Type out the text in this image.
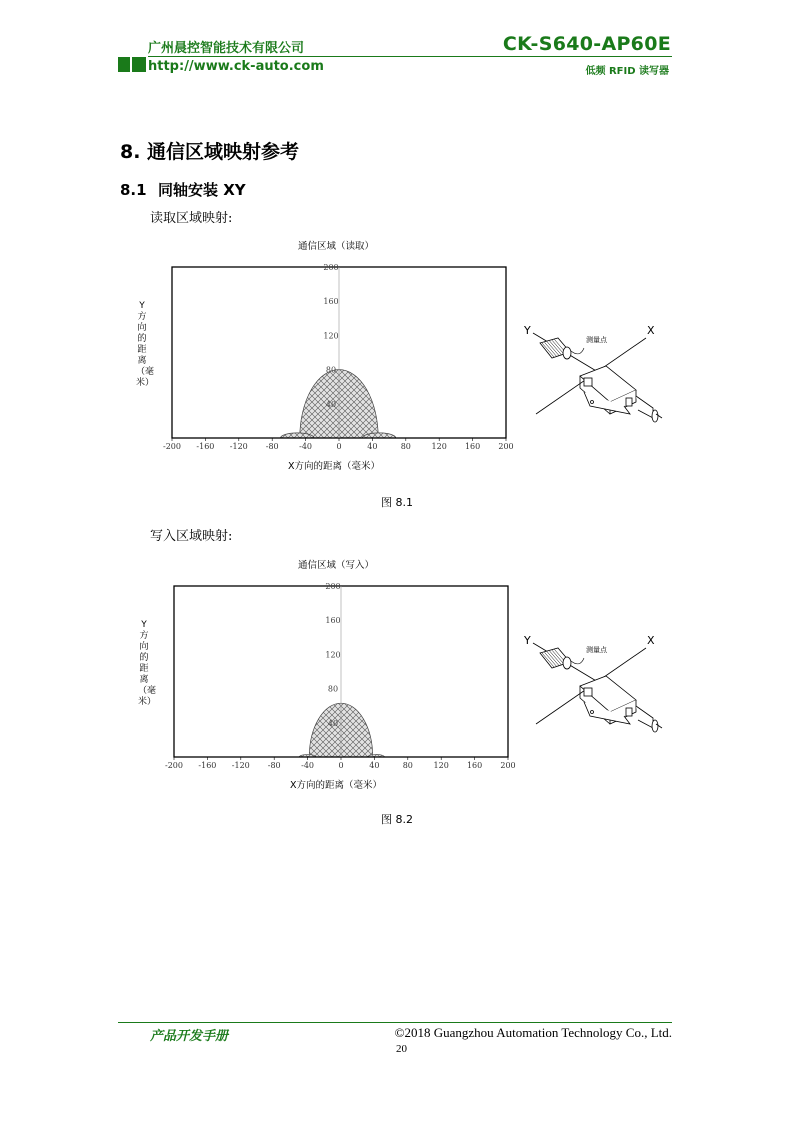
广州晨控智能技术有限公司	CK-S640-AP60E
http://www.ck-auto.com	低频 RFID 读写器
8. 通信区域映射参考
8.1 同轴安装 XY
读取区域映射:
通信区域（读取）
Y方向的距离（毫米）
-200 -160 -120 -80	-40	0	40	80	120 160 200
40
80
120
160
200
X方向的距离（毫米）
Y	X
测量点
图 8.1
写入区域映射:
通信区域（写入）
Y方向的距离（毫米）
-200 -160 -120 -80	-40	0	40	80	120 160 200
40
80
120
160
200
X方向的距离（毫米）
Y	X
测量点
图 8.2
产品开发手册	©2018 Guangzhou Automation Technology Co., Ltd.
20
